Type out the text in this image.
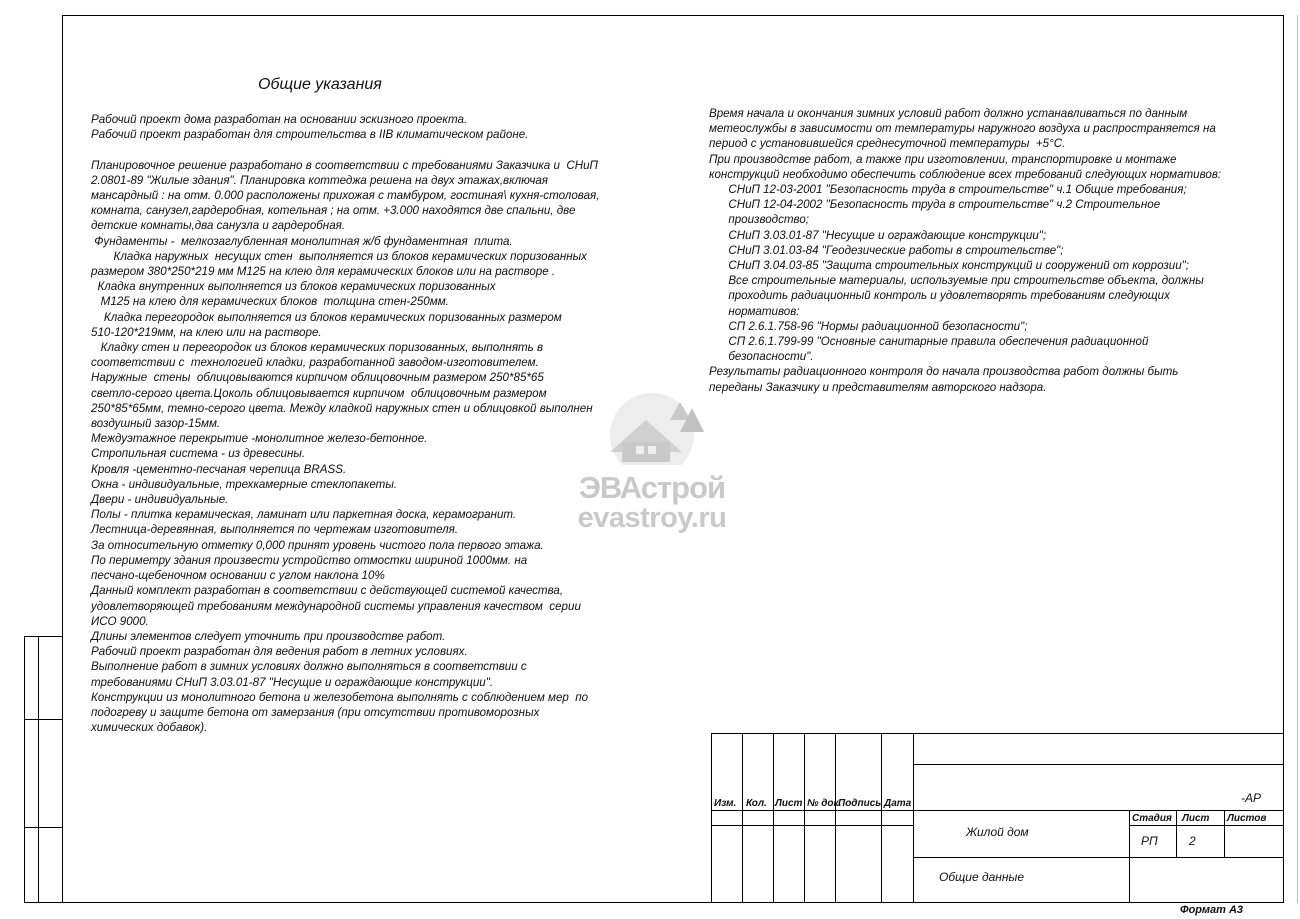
Общие указания
Рабочий проект дома разработан на основании эскизного проекта.
Рабочий проект разработан для строительства в IIВ климатическом районе.

Планировочное решение разработано в соответствии с требованиями Заказчика и  СНиП
2.0801-89 "Жилые здания". Планировка коттеджа решена на двух этажах,включая
мансардный : на отм. 0.000 расположены прихожая с тамбуром, гостиная\ кухня-столовая,
комната, санузел,гардеробная, котельная ; на отм. +3.000 находятся две спальни, две
детские комнаты,два санузла и гардеробная.
Фундаменты -  мелкозаглубленная монолитная ж/б фундаментная  плита.
Кладка наружных  несущих стен  выполняется из блоков керамических поризованных
размером 380*250*219 мм М125 на клею для керамических блоков или на растворе .
Кладка внутренних выполняется из блоков керамических поризованных
М125 на клею для керамических блоков  толщина стен-250мм.
Кладка перегородок выполняется из блоков керамических поризованных размером
510-120*219мм, на клею или на растворе.
Кладку стен и перегородок из блоков керамических поризованных, выполнять в
соответствии с  технологией кладки, разработанной заводом-изготовителем.
Наружные  стены  облицовываются кирпичом облицовочным размером 250*85*65
светло-серого цвета.Цоколь облицовывается кирпичом  облицовочным размером
250*85*65мм, темно-серого цвета. Между кладкой наружных стен и облицовкой выполнен
воздушный зазор-15мм.
Междуэтажное перекрытие -монолитное железо-бетонное.
Стропильная система - из древесины.
Кровля -цементно-песчаная черепица BRASS.
Окна - индивидуальные, трехкамерные стеклопакеты.
Двери - индивидуальные.
Полы - плитка керамическая, ламинат или паркетная доска, керамогранит.
Лестница-деревянная, выполняется по чертежам изготовителя.
За относительную отметку 0,000 принят уровень чистого пола первого этажа.
По периметру здания произвести устройство отмостки шириной 1000мм. на
песчано-щебеночном основании с углом наклона 10%
Данный комплект разработан в соответствии с действующей системой качества,
удовлетворяющей требованиям международной системы управления качеством  серии
ИСО 9000.
Длины элементов следует уточнить при производстве работ.
Рабочий проект разработан для ведения работ в летних условиях.
Выполнение работ в зимних условиях должно выполняться в соответствии с
требованиями СНиП 3.03.01-87 "Несущие и ограждающие конструкции".
Конструкции из монолитного бетона и железобетона выполнять с соблюдением мер  по
подогреву и защите бетона от замерзания (при отсутствии противоморозных
химических добавок).
Время начала и окончания зимних условий работ должно устанавливаться по данным
метеослужбы в зависимости от температуры наружного воздуха и распространяется на
период с установившейся среднесуточной температуры  +5°С.
При производстве работ, а также при изготовлении, транспортировке и монтаже
конструкций необходимо обеспечить соблюдение всех требований следующих нормативов:
СНиП 12-03-2001 "Безопасность труда в строительстве" ч.1 Общие требования;
СНиП 12-04-2002 "Безопасность труда в строительстве" ч.2 Строительное
производство;
СНиП 3.03.01-87 "Несущие и ограждающие конструкции";
СНиП 3.01.03-84 "Геодезические работы в строительстве";
СНиП 3.04.03-85 "Защита строительных конструкций и сооружений от коррозии";
Все строительные материалы, используемые при строительстве объекта, должны
проходить радиационный контроль и удовлетворять требованиям следующих
нормативов:
СП 2.6.1.758-96 "Нормы радиационной безопасности";
СП 2.6.1.799-99 "Основные санитарные правила обеспечения радиационной
безопасности".
Результаты радиационного контроля до начала производства работ должны быть
переданы Заказчику и представителям авторского надзора.
ЭВАстрой
evastroy.ru
Изм. Кол. Лист № док.
Подпись Дата	-АР
Жилой дом
Общие данные
Стадия Лист Листов
РП	2
Формат А3
